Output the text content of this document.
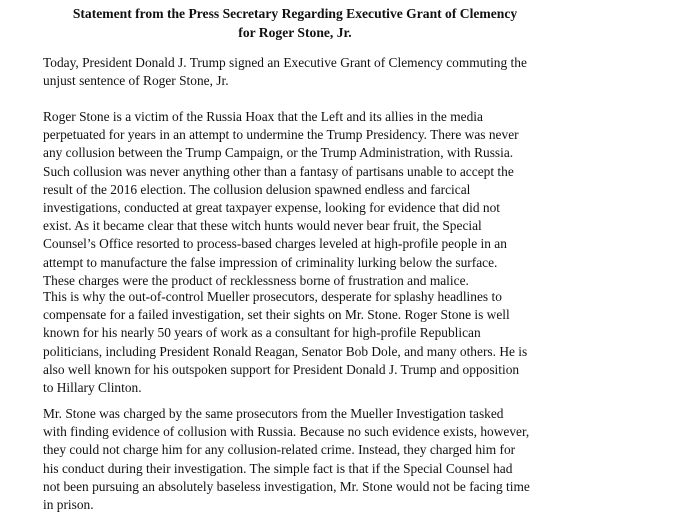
Statement from the Press Secretary Regarding Executive Grant of Clemency
for Roger Stone, Jr.

Today, President Donald J. Trump signed an Executive Grant of Clemency commuting the
unjust sentence of Roger Stone, Jr.

Roger Stone is a victim of the Russia Hoax that the Left and its allies in the media
perpetuated for years in an attempt to undermine the Trump Presidency. There was never
any collusion between the Trump Campaign, or the Trump Administration, with Russia.
Such collusion was never anything other than a fantasy of partisans unable to accept the
result of the 2016 election. The collusion delusion spawned endless and farcical
investigations, conducted at great taxpayer expense, looking for evidence that did not
exist. As it became clear that these witch hunts would never bear fruit, the Special
Counsel’s Office resorted to process-based charges leveled at high-profile people in an
attempt to manufacture the false impression of criminality lurking below the surface.
These charges were the product of recklessness borne of frustration and malice.

This is why the out-of-control Mueller prosecutors, desperate for splashy headlines to
compensate for a failed investigation, set their sights on Mr. Stone. Roger Stone is well
known for his nearly 50 years of work as a consultant for high-profile Republican
politicians, including President Ronald Reagan, Senator Bob Dole, and many others. He is
also well known for his outspoken support for President Donald J. Trump and opposition
to Hillary Clinton.

Mr. Stone was charged by the same prosecutors from the Mueller Investigation tasked
with finding evidence of collusion with Russia. Because no such evidence exists, however,
they could not charge him for any collusion-related crime. Instead, they charged him for
his conduct during their investigation. The simple fact is that if the Special Counsel had
not been pursuing an absolutely baseless investigation, Mr. Stone would not be facing time
in prison.
